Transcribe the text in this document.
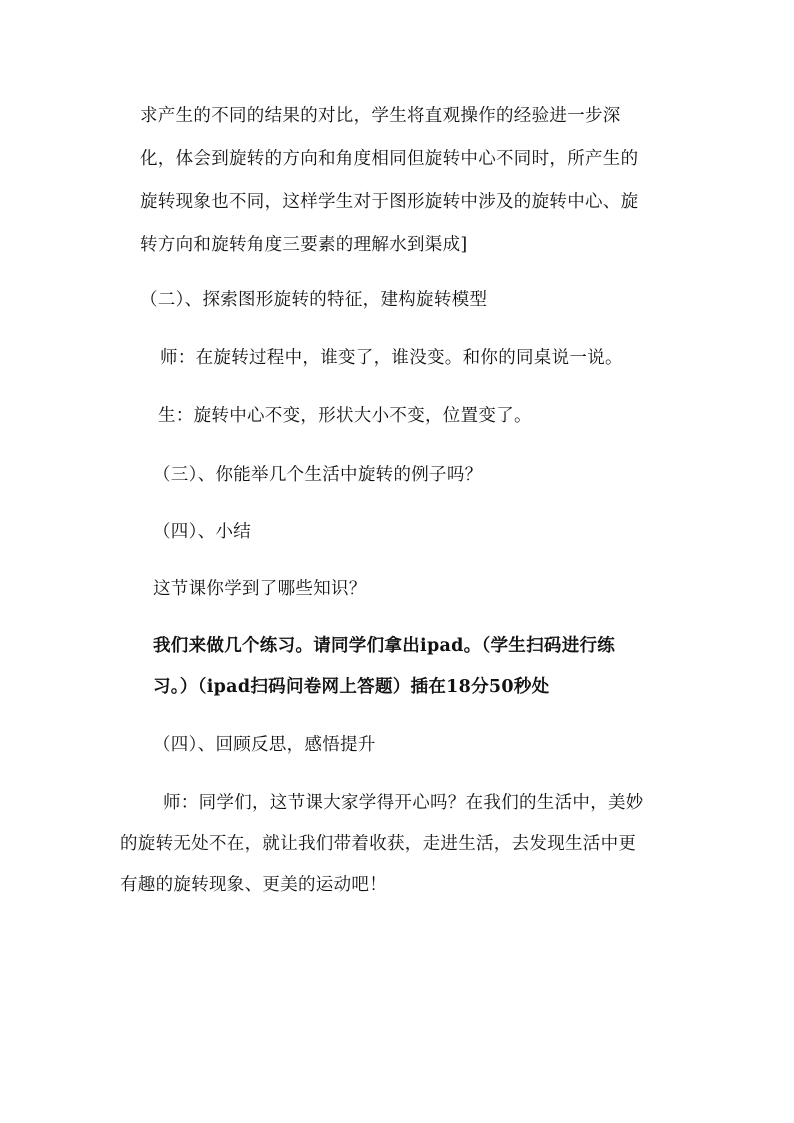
求产生的不同的结果的对比，学生将直观操作的经验进一步深
化，体会到旋转的方向和角度相同但旋转中心不同时，所产生的
旋转现象也不同，这样学生对于图形旋转中涉及的旋转中心、旋
转方向和旋转角度三要素的理解水到渠成]
（二）、探索图形旋转的特征，建构旋转模型
师：在旋转过程中，谁变了，谁没变。和你的同桌说一说。
生：旋转中心不变，形状大小不变，位置变了。
（三）、你能举几个生活中旋转的例子吗？
（四）、小结
这节课你学到了哪些知识？
我们来做几个练习。请同学们拿出ipad。（学生扫码进行练
习。）（ipad扫码问卷网上答题）插在18分50秒处
（四）、回顾反思，感悟提升
师：同学们，这节课大家学得开心吗？在我们的生活中，美妙
的旋转无处不在，就让我们带着收获，走进生活，去发现生活中更
有趣的旋转现象、更美的运动吧！
